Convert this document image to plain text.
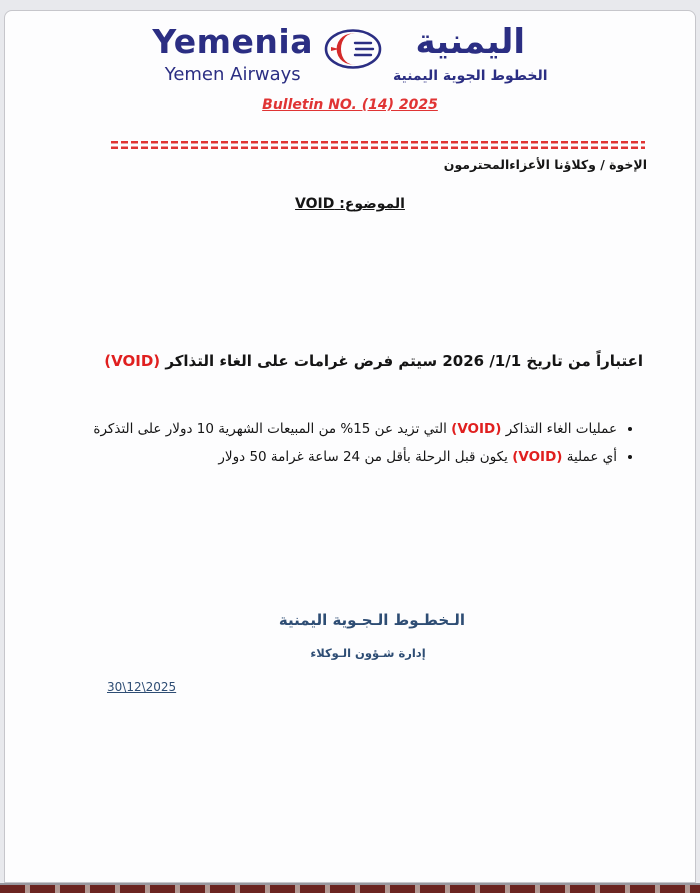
Yemenia
Yemen Airways
اليمنية
الخطوط الجوية اليمنية
Bulletin NO. (14) 2025
الإخوة / وكلاؤنا الأعزاء
المحترمون
الموضوع: VOID
اعتباراً من تاريخ 1/1/ 2026 سيتم فرض غرامات على الغاء التذاكر (VOID)
• عمليات الغاء التذاكر (VOID) التي تزيد عن 15% من المبيعات الشهرية 10 دولار على التذكرة
• أي عملية (VOID) يكون قبل الرحلة بأقل من 24 ساعة غرامة 50 دولار
الـخطـوط الـجـوية اليمنية
إدارة شـؤون الـوكلاء
30\12\2025
